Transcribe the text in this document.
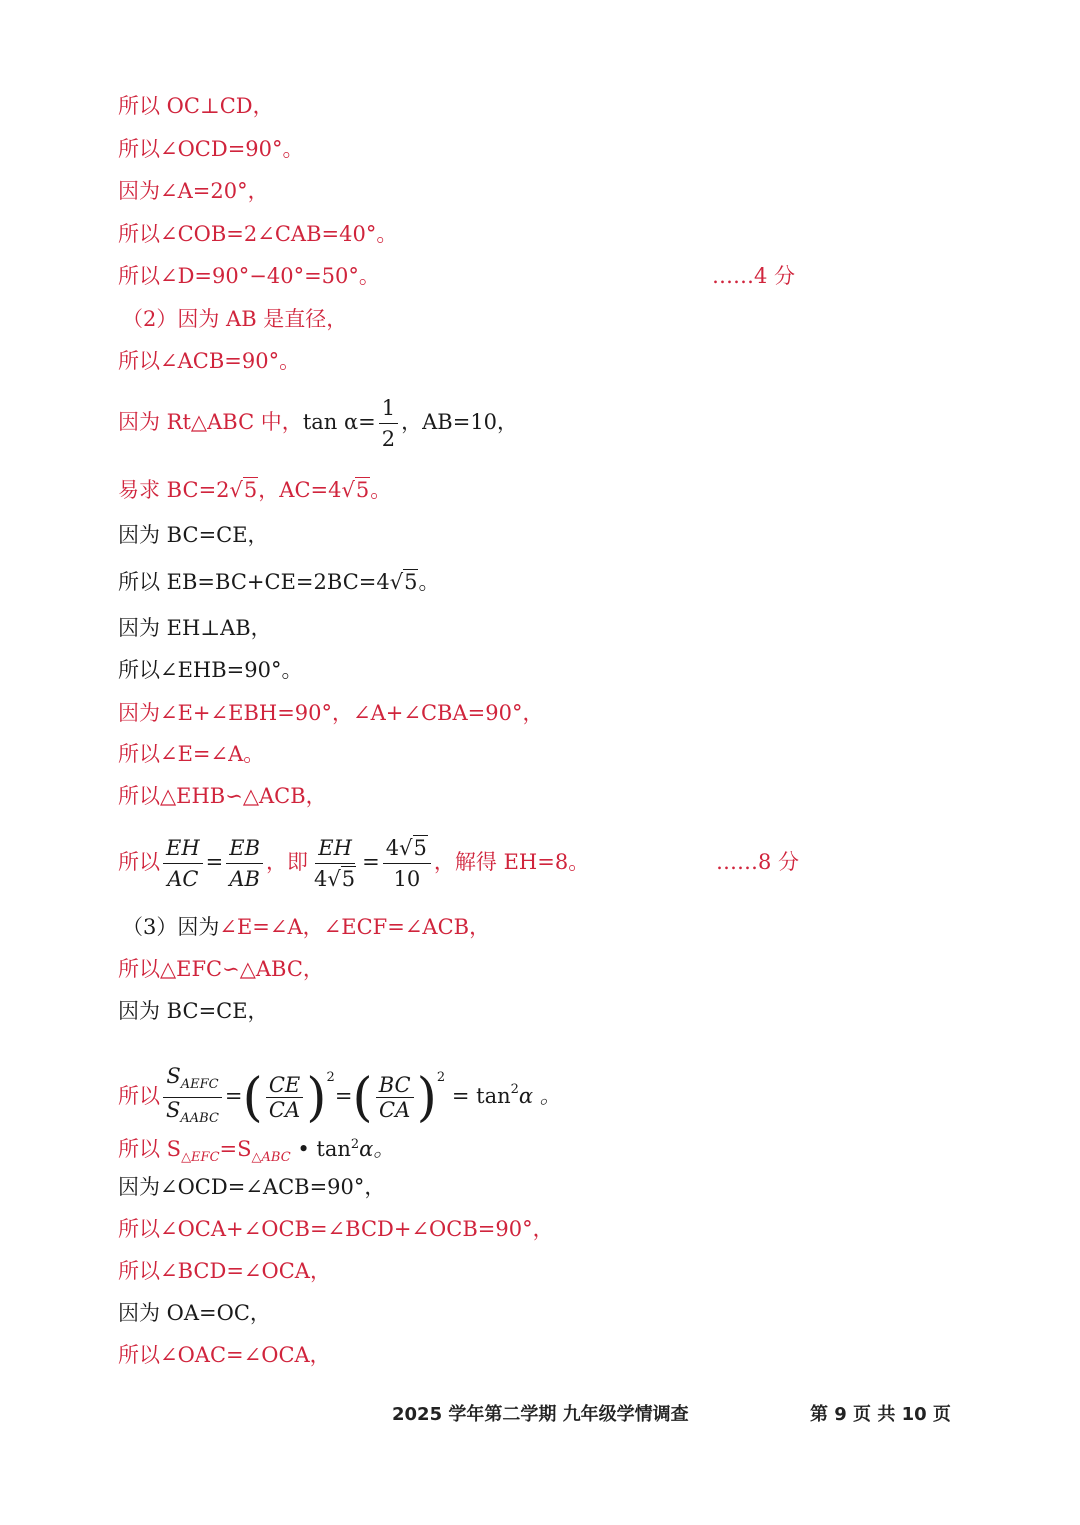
所以 OC⊥CD，
所以∠OCD=90°。
因为∠A=20°，
所以∠COB=2∠CAB=40°。
所以∠D=90°−40°=50°。	……4 分
（2）因为 AB 是直径，
所以∠ACB=90°。
因为 Rt△ABC 中，$\tan \alpha= \frac{1}{2}$ ，AB=10，
易求 BC=2√5，AC=4√5。
因为 BC=CE，
所以 EB=BC+CE=2BC=4√5。
因为 EH⊥AB，
所以∠EHB=90°。
因为∠E+∠EBH=90°，∠A+∠CBA=90°，
所以∠E=∠A。
所以△EHB∽△ACB，
所以 $\frac{EH}{AC} = \frac{EB}{AB}$ ，即 $\frac{EH}{4√5} = \frac{4√5}{10}$ ，解得 EH=8。	……8 分
（3）因为∠E=∠A，∠ECF=∠ACB，
所以△EFC∽△ABC，
因为 BC=CE，
所以 $\frac{S_{AEFC}}{S_{AABC}}$ =( $\frac{CE}{CA} )^2=( \frac{BC}{CA} )^2 = \tan^2\alpha$ 。
所以 $S_{\triangle EFC}=S_{\triangle ABC}$ • $\tan^2\alpha$。
因为∠OCD=∠ACB=90°，
所以∠OCA+∠OCB=∠BCD+∠OCB=90°，
所以∠BCD=∠OCA，
因为 OA=OC，
所以∠OAC=∠OCA，
2025 学年第二学期 九年级学情调查	第 9 页 共 10 页
